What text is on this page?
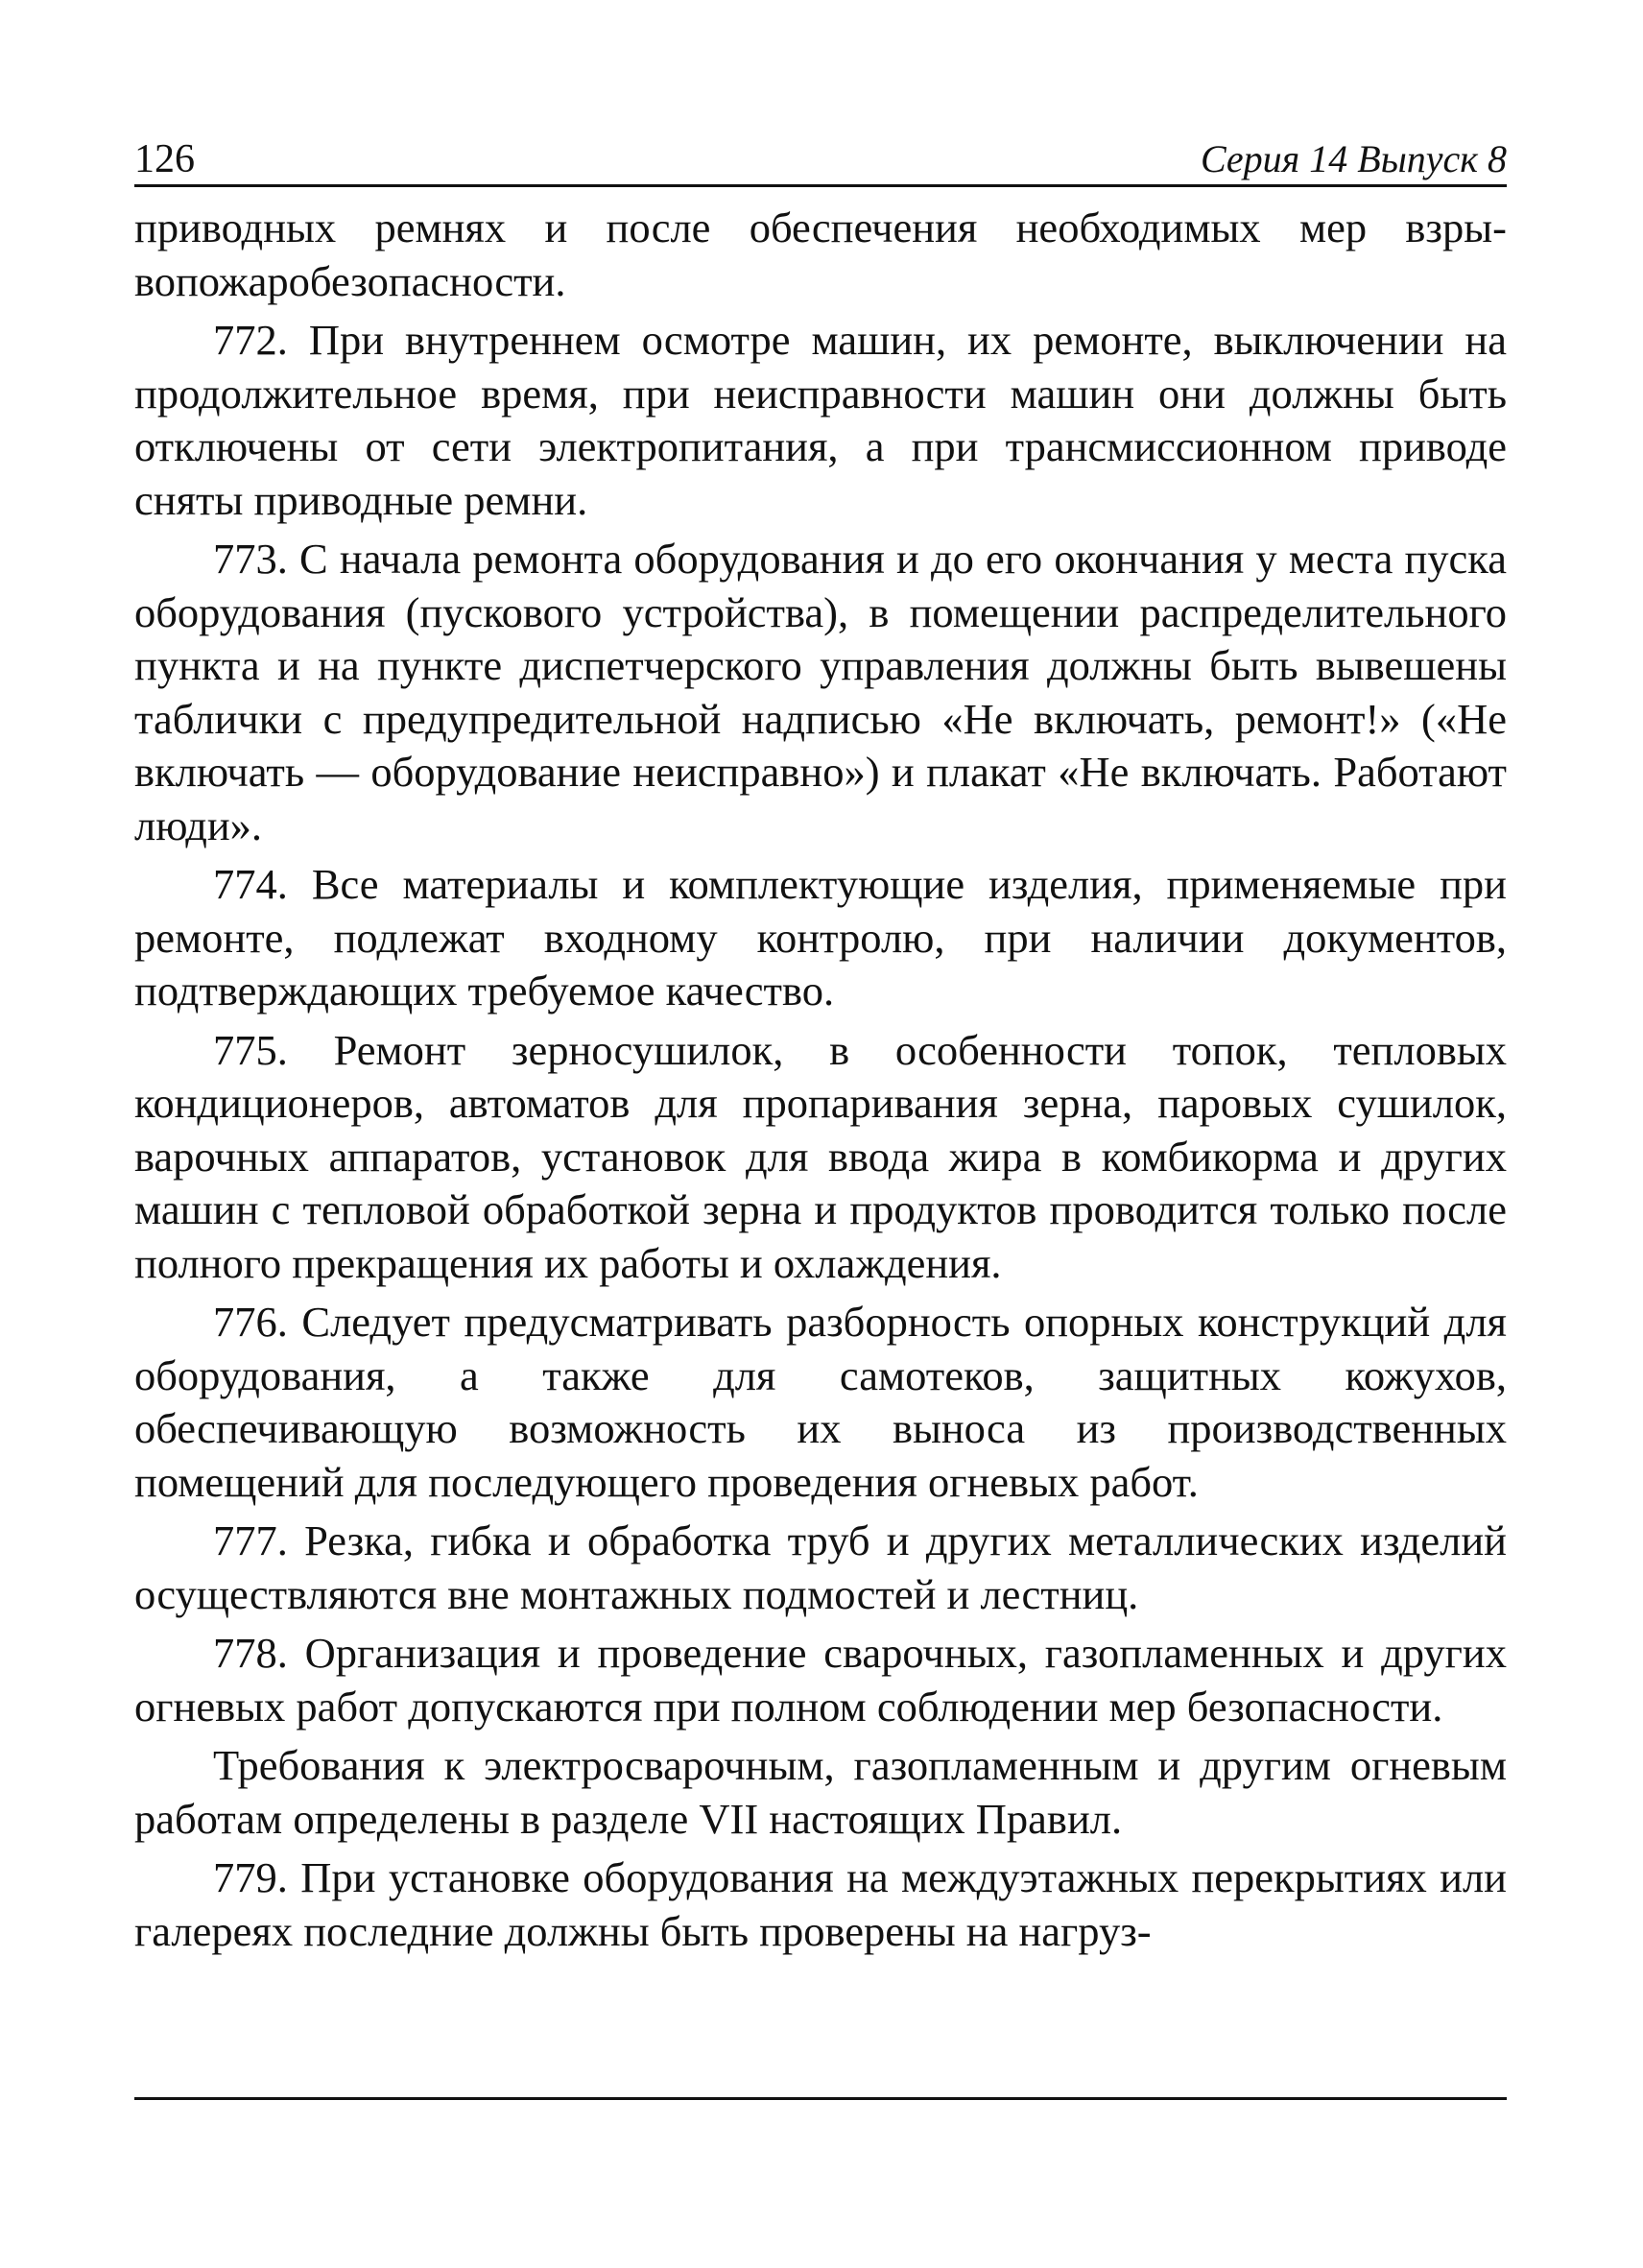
126	Серия 14 Выпуск 8

приводных ремнях и после обеспечения необходимых мер взрывопожаробезопасности.

772. При внутреннем осмотре машин, их ремонте, выключении на продолжительное время, при неисправности машин они должны быть отключены от сети электропитания, а при трансмиссионном приводе сняты приводные ремни.

773. С начала ремонта оборудования и до его окончания у места пуска оборудования (пускового устройства), в помещении распределительного пункта и на пункте диспетчерского управления должны быть вывешены таблички с предупредительной надписью «Не включать, ремонт!» («Не включать — оборудование неисправно») и плакат «Не включать. Работают люди».

774. Все материалы и комплектующие изделия, применяемые при ремонте, подлежат входному контролю, при наличии документов, подтверждающих требуемое качество.

775. Ремонт зерносушилок, в особенности топок, тепловых кондиционеров, автоматов для пропаривания зерна, паровых сушилок, варочных аппаратов, установок для ввода жира в комбикорма и других машин с тепловой обработкой зерна и продуктов проводится только после полного прекращения их работы и охлаждения.

776. Следует предусматривать разборность опорных конструкций для оборудования, а также для самотеков, защитных кожухов, обеспечивающую возможность их выноса из производственных помещений для последующего проведения огневых работ.

777. Резка, гибка и обработка труб и других металлических изделий осуществляются вне монтажных подмостей и лестниц.

778. Организация и проведение сварочных, газопламенных и других огневых работ допускаются при полном соблюдении мер безопасности.

Требования к электросварочным, газопламенным и другим огневым работам определены в разделе VII настоящих Правил.

779. При установке оборудования на междуэтажных перекрытиях или галереях последние должны быть проверены на нагруз-
